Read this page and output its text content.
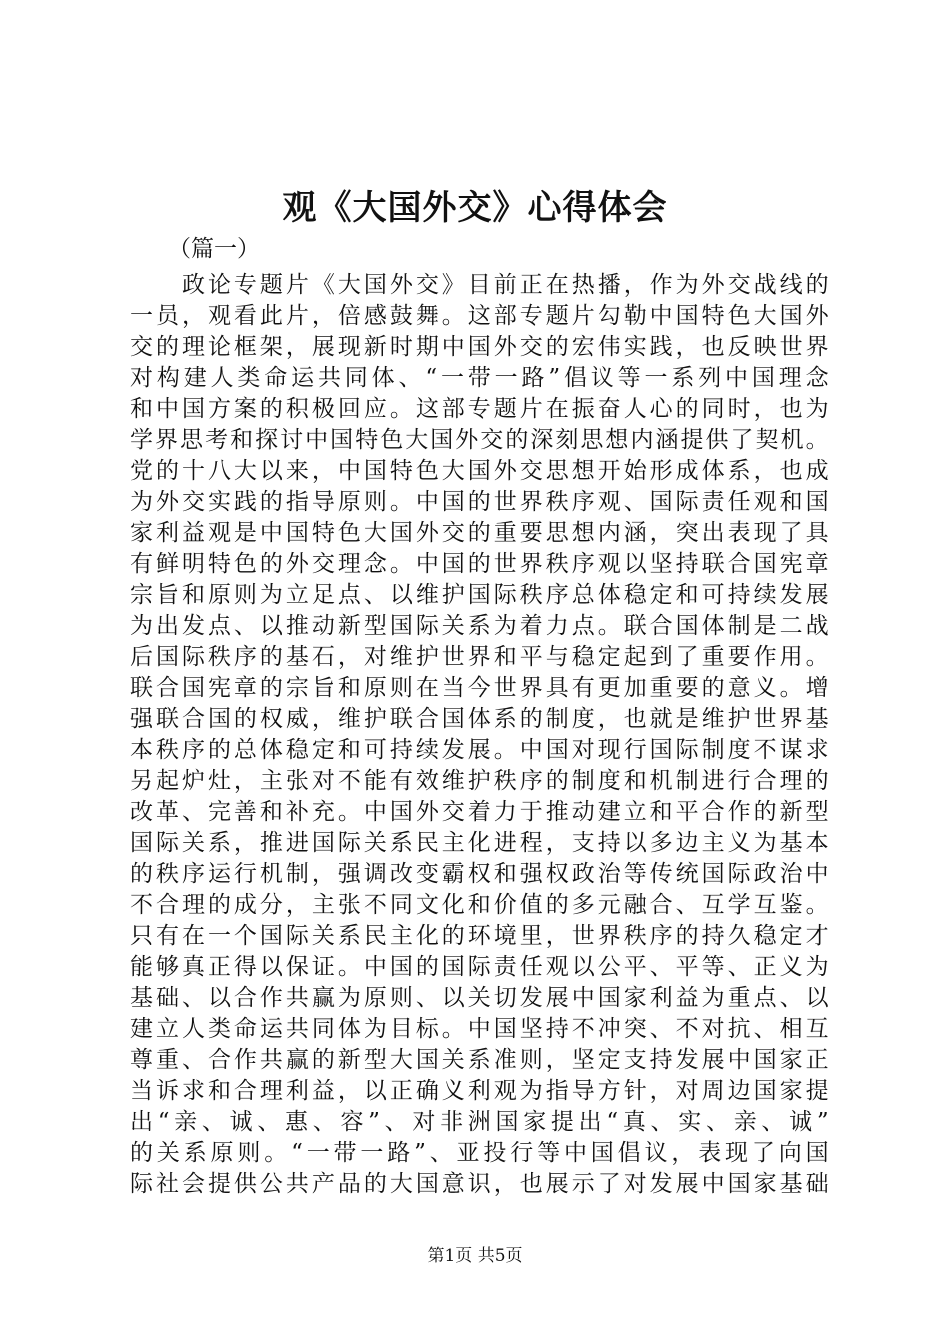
观《大国外交》心得体会

（篇一）

　　政论专题片《大国外交》目前正在热播，作为外交战线的
一员，观看此片，倍感鼓舞。这部专题片勾勒中国特色大国外
交的理论框架，展现新时期中国外交的宏伟实践，也反映世界
对构建人类命运共同体、“一带一路”倡议等一系列中国理念
和中国方案的积极回应。这部专题片在振奋人心的同时，也为
学界思考和探讨中国特色大国外交的深刻思想内涵提供了契机。
党的十八大以来，中国特色大国外交思想开始形成体系，也成
为外交实践的指导原则。中国的世界秩序观、国际责任观和国
家利益观是中国特色大国外交的重要思想内涵，突出表现了具
有鲜明特色的外交理念。中国的世界秩序观以坚持联合国宪章
宗旨和原则为立足点、以维护国际秩序总体稳定和可持续发展
为出发点、以推动新型国际关系为着力点。联合国体制是二战
后国际秩序的基石，对维护世界和平与稳定起到了重要作用。
联合国宪章的宗旨和原则在当今世界具有更加重要的意义。增
强联合国的权威，维护联合国体系的制度，也就是维护世界基
本秩序的总体稳定和可持续发展。中国对现行国际制度不谋求
另起炉灶，主张对不能有效维护秩序的制度和机制进行合理的
改革、完善和补充。中国外交着力于推动建立和平合作的新型
国际关系，推进国际关系民主化进程，支持以多边主义为基本
的秩序运行机制，强调改变霸权和强权政治等传统国际政治中
不合理的成分，主张不同文化和价值的多元融合、互学互鉴。
只有在一个国际关系民主化的环境里，世界秩序的持久稳定才
能够真正得以保证。中国的国际责任观以公平、平等、正义为
基础、以合作共赢为原则、以关切发展中国家利益为重点、以
建立人类命运共同体为目标。中国坚持不冲突、不对抗、相互
尊重、合作共赢的新型大国关系准则，坚定支持发展中国家正
当诉求和合理利益，以正确义利观为指导方针，对周边国家提
出“亲、诚、惠、容”、对非洲国家提出“真、实、亲、诚”
的关系原则。“一带一路”、亚投行等中国倡议，表现了向国
际社会提供公共产品的大国意识，也展示了对发展中国家基础

第1页 共5页
